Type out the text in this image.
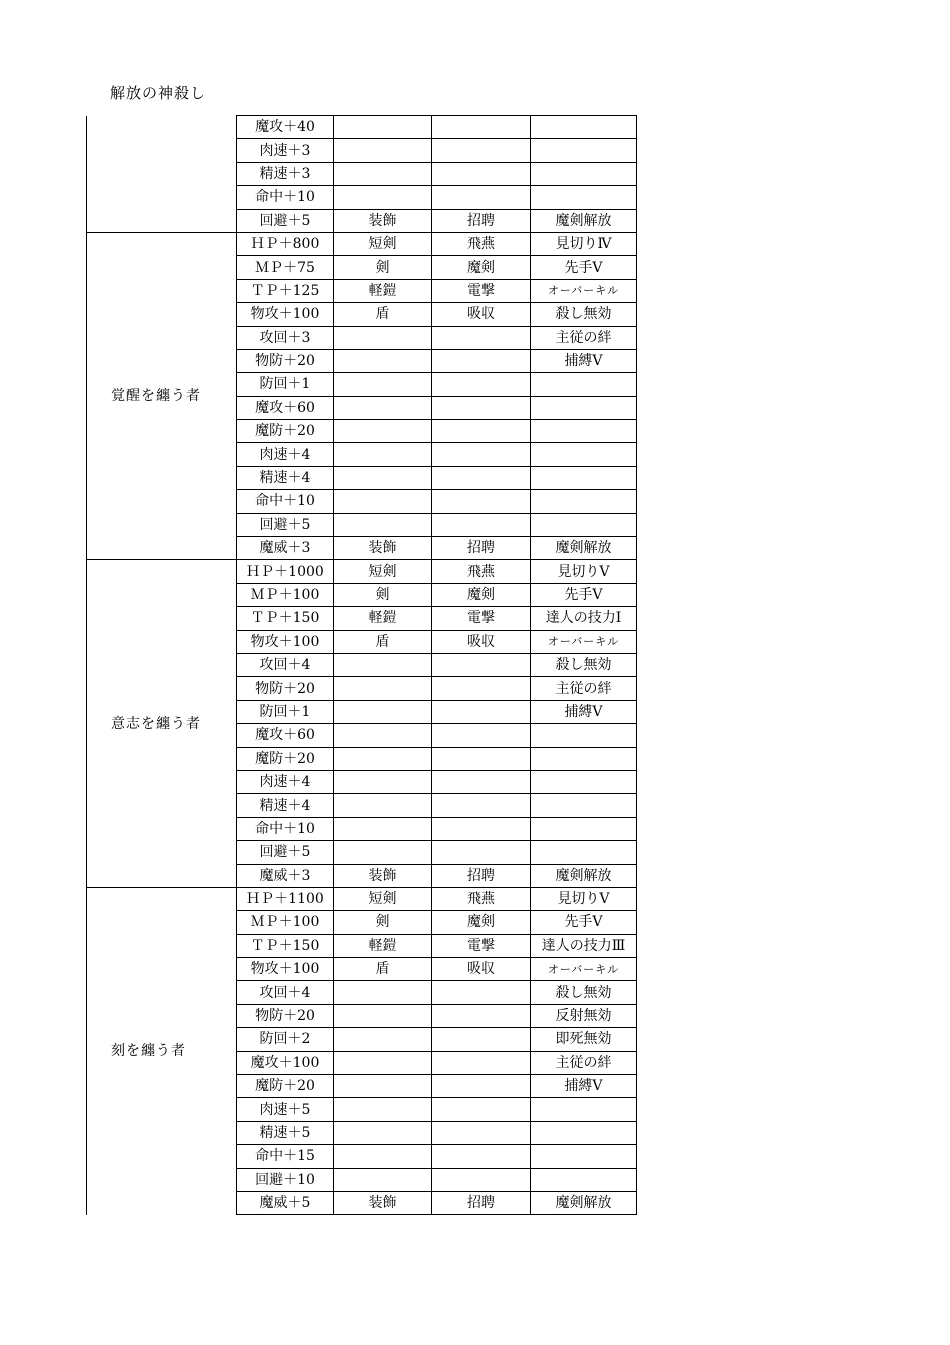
解放の神殺し
	魔攻＋40			
	肉速＋3			
	精速＋3			
	命中＋10			
	回避＋5	装飾	招聘	魔剣解放
覚醒を纏う者	ＨＰ＋800	短剣	飛燕	見切りⅣ
	ＭＰ＋75	剣	魔剣	先手Ⅴ
	ＴＰ＋125	軽鎧	電撃	オーバーキル
	物攻＋100	盾	吸収	殺し無効
	攻回＋3			主従の絆
	物防＋20			捕縛Ⅴ
	防回＋1			
	魔攻＋60			
	魔防＋20			
	肉速＋4			
	精速＋4			
	命中＋10			
	回避＋5			
	魔威＋3	装飾	招聘	魔剣解放
意志を纏う者	ＨＰ＋1000	短剣	飛燕	見切りⅤ
	ＭＰ＋100	剣	魔剣	先手Ⅴ
	ＴＰ＋150	軽鎧	電撃	達人の技力Ⅰ
	物攻＋100	盾	吸収	オーバーキル
	攻回＋4			殺し無効
	物防＋20			主従の絆
	防回＋1			捕縛Ⅴ
	魔攻＋60			
	魔防＋20			
	肉速＋4			
	精速＋4			
	命中＋10			
	回避＋5			
	魔威＋3	装飾	招聘	魔剣解放
刻を纏う者	ＨＰ＋1100	短剣	飛燕	見切りⅤ
	ＭＰ＋100	剣	魔剣	先手Ⅴ
	ＴＰ＋150	軽鎧	電撃	達人の技力Ⅲ
	物攻＋100	盾	吸収	オーバーキル
	攻回＋4			殺し無効
	物防＋20			反射無効
	防回＋2			即死無効
	魔攻＋100			主従の絆
	魔防＋20			捕縛Ⅴ
	肉速＋5			
	精速＋5			
	命中＋15			
	回避＋10			
	魔威＋5	装飾	招聘	魔剣解放
